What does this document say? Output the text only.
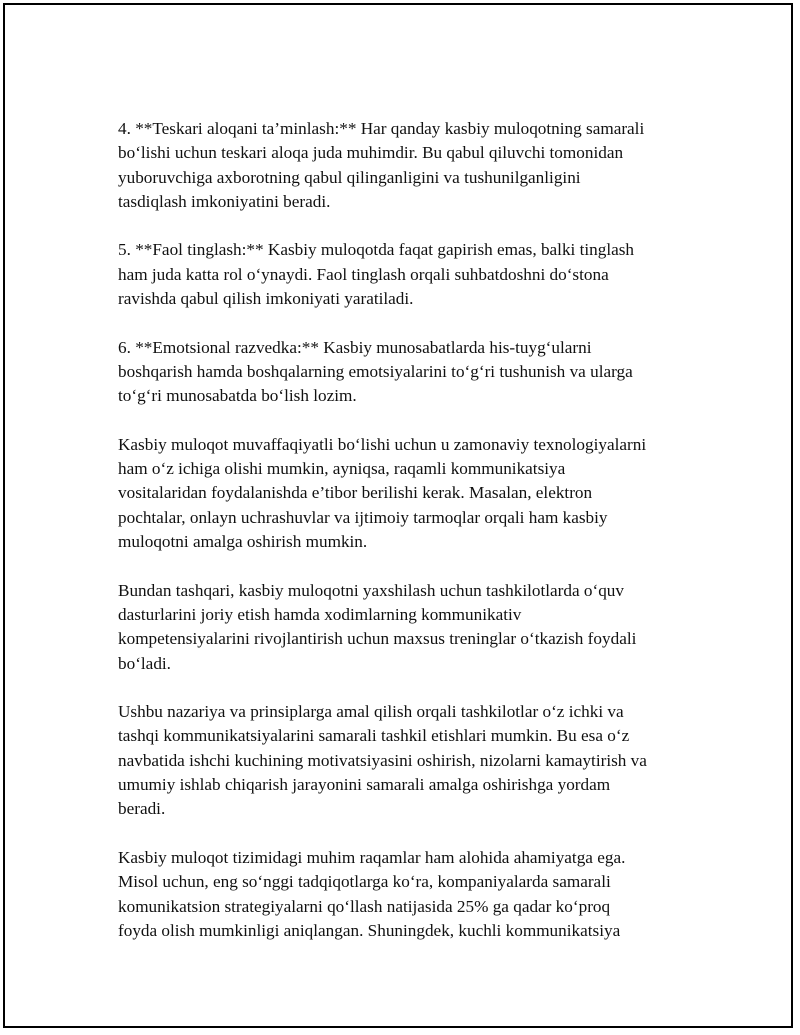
4. **Teskari aloqani ta’minlash:** Har qanday kasbiy muloqotning samarali
bo‘lishi uchun teskari aloqa juda muhimdir. Bu qabul qiluvchi tomonidan
yuboruvchiga axborotning qabul qilinganligini va tushunilganligini
tasdiqlash imkoniyatini beradi.

5. **Faol tinglash:** Kasbiy muloqotda faqat gapirish emas, balki tinglash
ham juda katta rol o‘ynaydi. Faol tinglash orqali suhbatdoshni do‘stona
ravishda qabul qilish imkoniyati yaratiladi.

6. **Emotsional razvedka:** Kasbiy munosabatlarda his-tuyg‘ularni
boshqarish hamda boshqalarning emotsiyalarini to‘g‘ri tushunish va ularga
to‘g‘ri munosabatda bo‘lish lozim.

Kasbiy muloqot muvaffaqiyatli bo‘lishi uchun u zamonaviy texnologiyalarni
ham o‘z ichiga olishi mumkin, ayniqsa, raqamli kommunikatsiya
vositalaridan foydalanishda e’tibor berilishi kerak. Masalan, elektron
pochtalar, onlayn uchrashuvlar va ijtimoiy tarmoqlar orqali ham kasbiy
muloqotni amalga oshirish mumkin.

Bundan tashqari, kasbiy muloqotni yaxshilash uchun tashkilotlarda o‘quv
dasturlarini joriy etish hamda xodimlarning kommunikativ
kompetensiyalarini rivojlantirish uchun maxsus treninglar o‘tkazish foydali
bo‘ladi.

Ushbu nazariya va prinsiplarga amal qilish orqali tashkilotlar o‘z ichki va
tashqi kommunikatsiyalarini samarali tashkil etishlari mumkin. Bu esa o‘z
navbatida ishchi kuchining motivatsiyasini oshirish, nizolarni kamaytirish va
umumiy ishlab chiqarish jarayonini samarali amalga oshirishga yordam
beradi.

Kasbiy muloqot tizimidagi muhim raqamlar ham alohida ahamiyatga ega.
Misol uchun, eng so‘nggi tadqiqotlarga ko‘ra, kompaniyalarda samarali
komunikatsion strategiyalarni qo‘llash natijasida 25% ga qadar ko‘proq
foyda olish mumkinligi aniqlangan. Shuningdek, kuchli kommunikatsiya
